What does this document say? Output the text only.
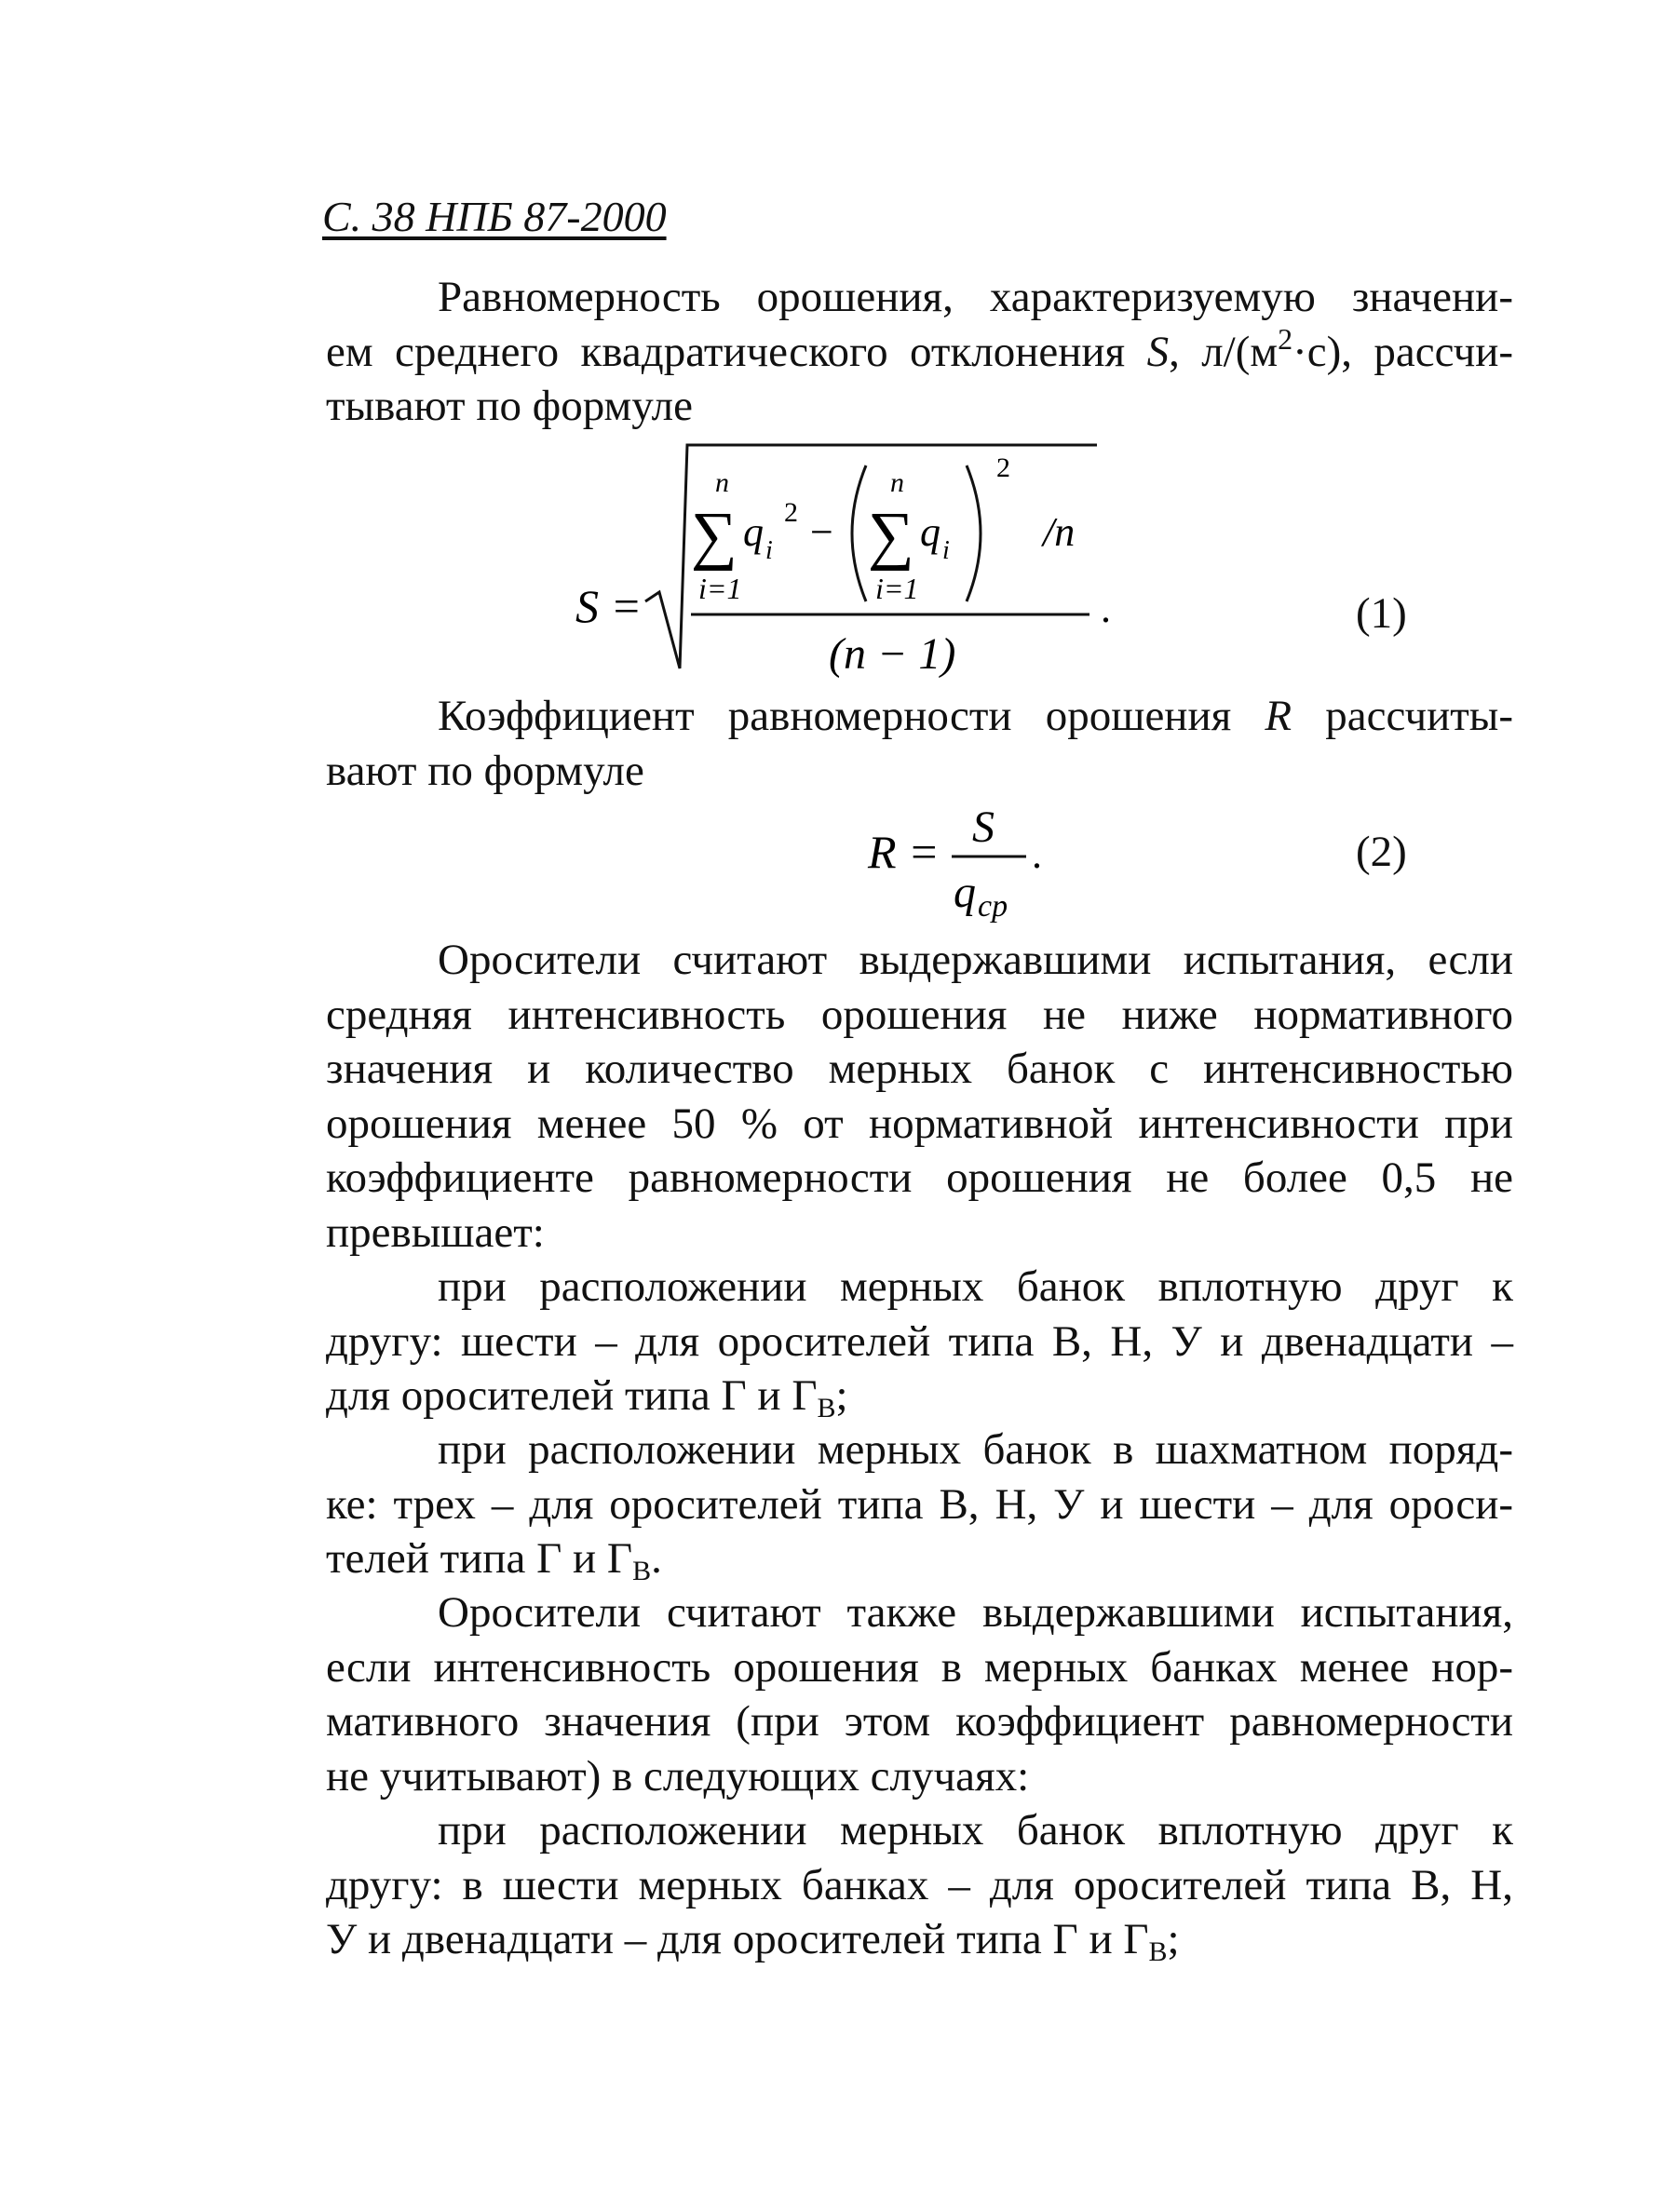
С. 38 НПБ 87-2000
Равномерность орошения, характеризуемую значени-
ем среднего квадратического отклонения S, $л/(м^2\cdot с)$, рассчи-
тывают по формуле
S =
n
∑
i=1
q i
2 −
n
∑
i=1
q i
2
/n
(n − 1)
.	(1)
Коэффициент равномерности орошения R рассчиты-
вают по формуле
R = S
q ср
.	(2)
Оросители считают выдержавшими испытания, если
средняя интенсивность орошения не ниже нормативного
значения и количество мерных банок с интенсивностью
орошения менее 50 % от нормативной интенсивности при
коэффициенте равномерности орошения не более 0,5 не
превышает:
при расположении мерных банок вплотную друг к
другу: шести – для оросителей типа В, Н, У и двенадцати –
для оросителей типа Г и $Г_В$;
при расположении мерных банок в шахматном поряд-
ке: трех – для оросителей типа В, Н, У и шести – для ороси-
телей типа Г и $Г_В$.
Оросители считают также выдержавшими испытания,
если интенсивность орошения в мерных банках менее нор-
мативного значения (при этом коэффициент равномерности
не учитывают) в следующих случаях:
при расположении мерных банок вплотную друг к
другу: в шести мерных банках – для оросителей типа В, Н,
У и двенадцати – для оросителей типа Г и $Г_В$;
